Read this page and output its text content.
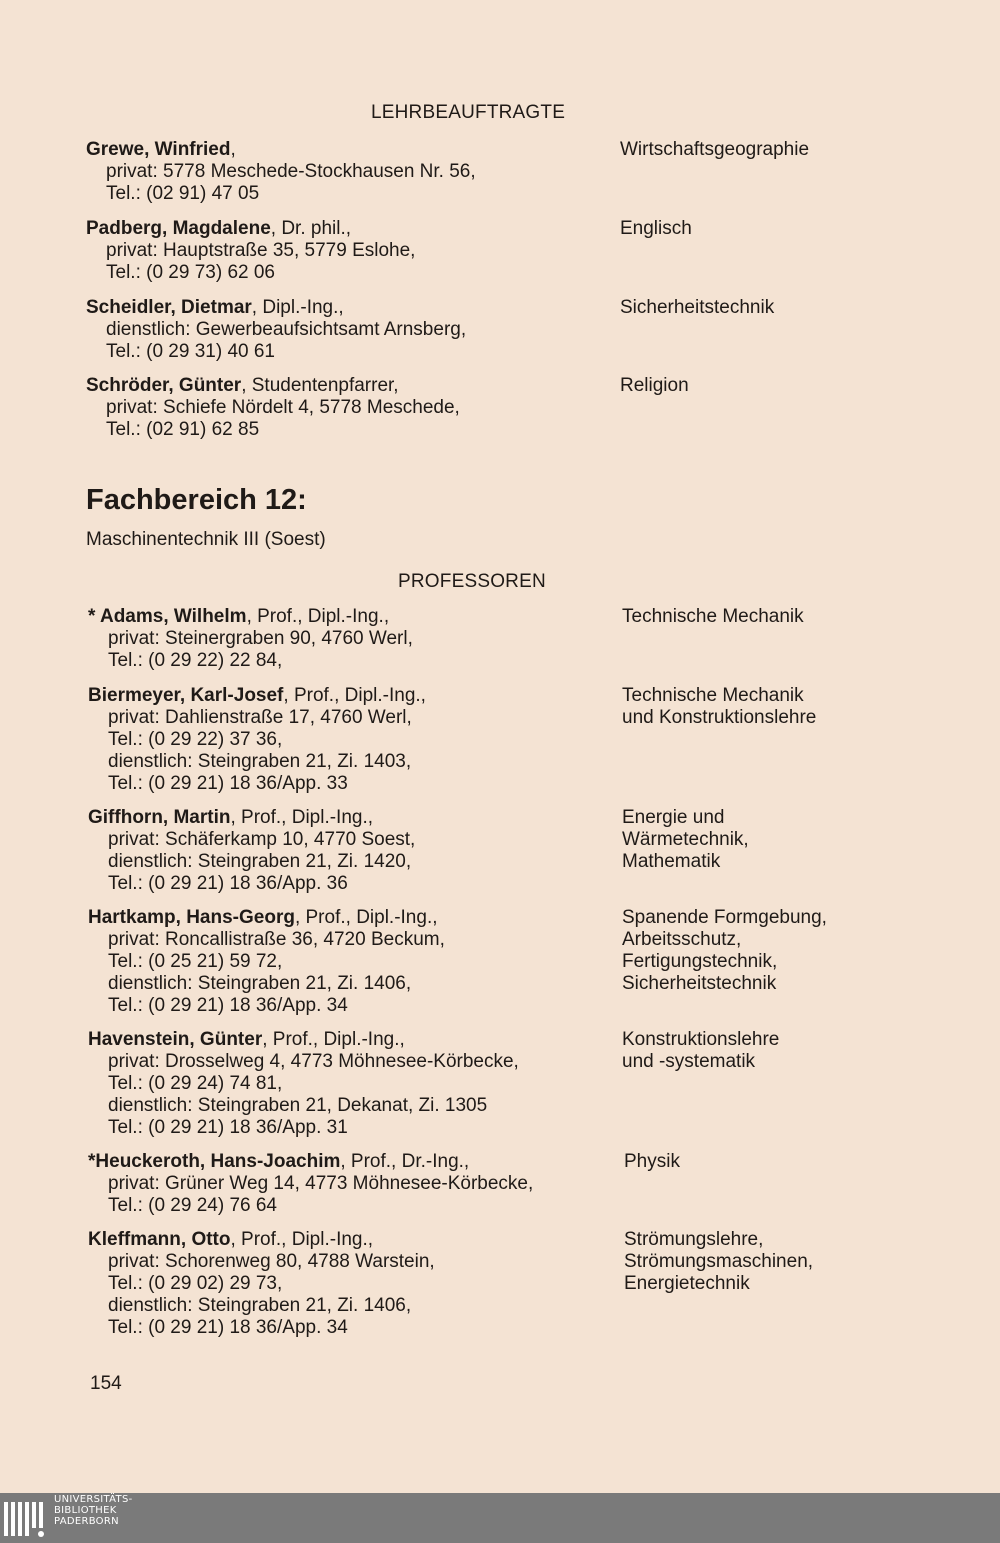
LEHRBEAUFTRAGTE
Grewe, Winfried,
privat: 5778 Meschede-Stockhausen Nr. 56,
Tel.: (02 91) 47 05
Wirtschaftsgeographie
Padberg, Magdalene, Dr. phil.,
privat: Hauptstraße 35, 5779 Eslohe,
Tel.: (0 29 73) 62 06
Englisch
Scheidler, Dietmar, Dipl.-Ing.,
dienstlich: Gewerbeaufsichtsamt Arnsberg,
Tel.: (0 29 31) 40 61
Sicherheitstechnik
Schröder, Günter, Studentenpfarrer,
privat: Schiefe Nördelt 4, 5778 Meschede,
Tel.: (02 91) 62 85
Religion
Fachbereich 12:
Maschinentechnik III (Soest)
PROFESSOREN
* Adams, Wilhelm, Prof., Dipl.-Ing.,
privat: Steinergraben 90, 4760 Werl,
Tel.: (0 29 22) 22 84,
Technische Mechanik
Biermeyer, Karl-Josef, Prof., Dipl.-Ing.,
privat: Dahlienstraße 17, 4760 Werl,
Tel.: (0 29 22) 37 36,
dienstlich: Steingraben 21, Zi. 1403,
Tel.: (0 29 21) 18 36/App. 33
Technische Mechanik
und Konstruktionslehre
Giffhorn, Martin, Prof., Dipl.-Ing.,
privat: Schäferkamp 10, 4770 Soest,
dienstlich: Steingraben 21, Zi. 1420,
Tel.: (0 29 21) 18 36/App. 36
Energie und
Wärmetechnik,
Mathematik
Hartkamp, Hans-Georg, Prof., Dipl.-Ing.,
privat: Roncallistraße 36, 4720 Beckum,
Tel.: (0 25 21) 59 72,
dienstlich: Steingraben 21, Zi. 1406,
Tel.: (0 29 21) 18 36/App. 34
Spanende Formgebung,
Arbeitsschutz,
Fertigungstechnik,
Sicherheitstechnik
Havenstein, Günter, Prof., Dipl.-Ing.,
privat: Drosselweg 4, 4773 Möhnesee-Körbecke,
Tel.: (0 29 24) 74 81,
dienstlich: Steingraben 21, Dekanat, Zi. 1305
Tel.: (0 29 21) 18 36/App. 31
Konstruktionslehre
und -systematik
*Heuckeroth, Hans-Joachim, Prof., Dr.-Ing.,
privat: Grüner Weg 14, 4773 Möhnesee-Körbecke,
Tel.: (0 29 24) 76 64
Physik
Kleffmann, Otto, Prof., Dipl.-Ing.,
privat: Schorenweg 80, 4788 Warstein,
Tel.: (0 29 02) 29 73,
dienstlich: Steingraben 21, Zi. 1406,
Tel.: (0 29 21) 18 36/App. 34
Strömungslehre,
Strömungsmaschinen,
Energietechnik
154
UNIVERSITÄTS-
BIBLIOTHEK
PADERBORN
